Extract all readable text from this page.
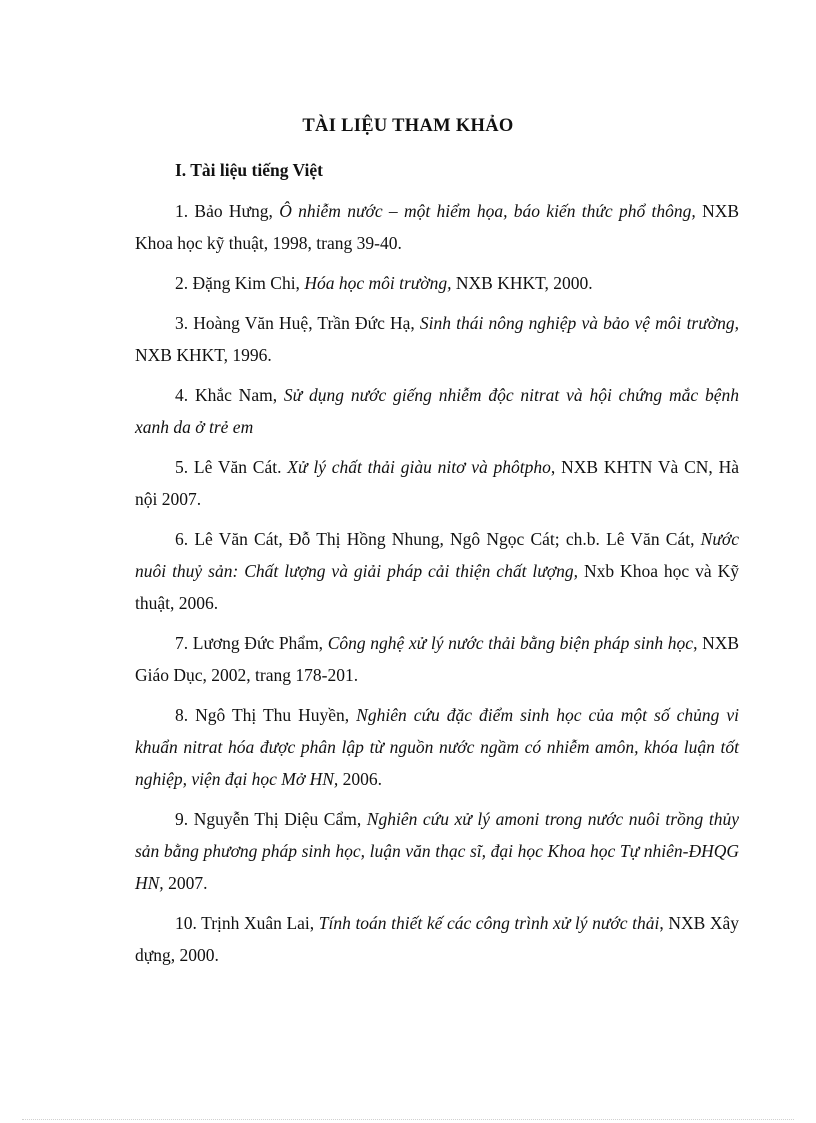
TÀI LIỆU THAM KHẢO
I. Tài liệu tiếng Việt

1. Bảo Hưng, Ô nhiễm nước – một hiểm họa, báo kiến thức phổ thông, NXB Khoa học kỹ thuật, 1998, trang 39-40.

2. Đặng Kim Chi, Hóa học môi trường, NXB KHKT, 2000.

3. Hoàng Văn Huệ, Trần Đức Hạ, Sinh thái nông nghiệp và bảo vệ môi trường, NXB KHKT, 1996.

4. Khắc Nam, Sử dụng nước giếng nhiễm độc nitrat và hội chứng mắc bệnh xanh da ở trẻ em

5. Lê Văn Cát. Xử lý chất thải giàu nitơ và phôtpho, NXB KHTN Và CN, Hà nội 2007.

6. Lê Văn Cát, Đỗ Thị Hồng Nhung, Ngô Ngọc Cát; ch.b. Lê Văn Cát, Nước nuôi thuỷ sản: Chất lượng và giải pháp cải thiện chất lượng, Nxb Khoa học và Kỹ thuật, 2006.

7. Lương Đức Phẩm, Công nghệ xử lý nước thải bằng biện pháp sinh học, NXB Giáo Dục, 2002, trang 178-201.

8. Ngô Thị Thu Huyền, Nghiên cứu đặc điểm sinh học của một số chủng vi khuẩn nitrat hóa được phân lập từ nguồn nước ngầm có nhiễm amôn, khóa luận tốt nghiệp, viện đại học Mở HN, 2006.

9. Nguyễn Thị Diệu Cẩm, Nghiên cứu xử lý amoni trong nước nuôi trồng thủy sản bằng phương pháp sinh học, luận văn thạc sĩ, đại học Khoa học Tự nhiên-ĐHQG HN, 2007.

10. Trịnh Xuân Lai, Tính toán thiết kế các công trình xử lý nước thải, NXB Xây dựng, 2000.
